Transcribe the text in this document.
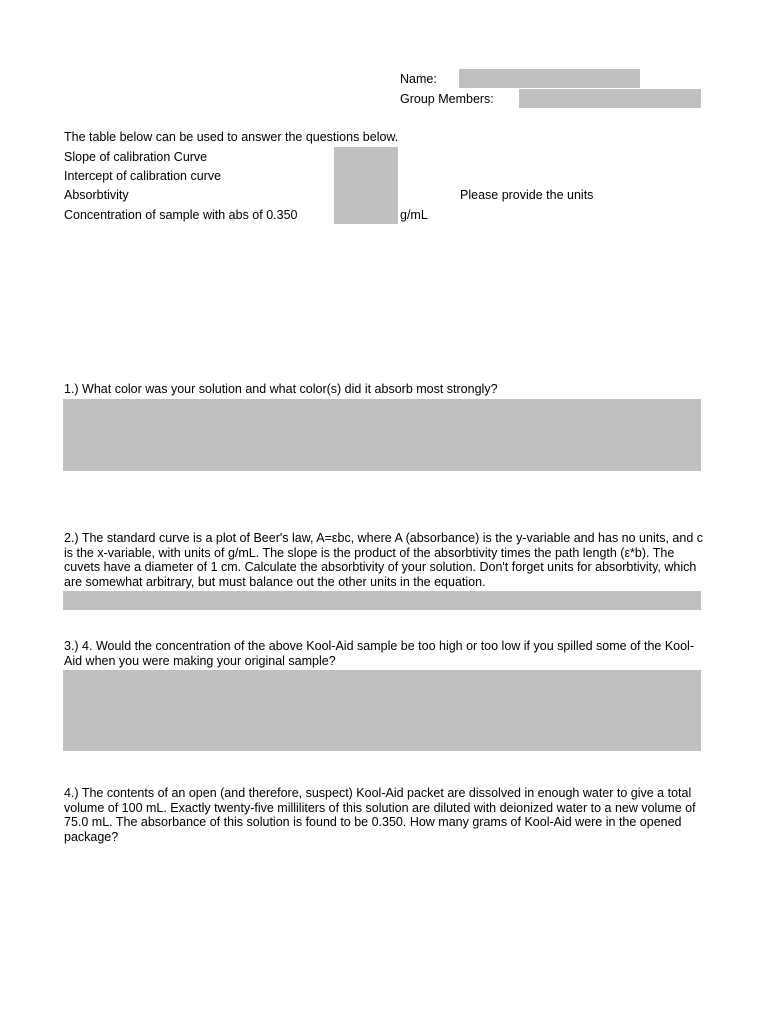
Name:
Group Members:
The table below can be used to answer the questions below.
Slope of calibration Curve
Intercept of calibration curve
Absorbtivity
Concentration of sample with abs of 0.350	g/mL
Please provide the units
1.) What color was your solution and what color(s) did it absorb most strongly?
2.) The standard curve is a plot of Beer's law, A=εbc, where A (absorbance) is the y-variable and has no units, and c is the x-variable, with units of g/mL. The slope is the product of the absorbtivity times the path length (ε*b). The cuvets have a diameter of 1 cm. Calculate the absorbtivity of your solution. Don't forget units for absorbtivity, which are somewhat arbitrary, but must balance out the other units in the equation.
3.) 4. Would the concentration of the above Kool-Aid sample be too high or too low if you spilled some of the Kool-Aid when you were making your original sample?
4.) The contents of an open (and therefore, suspect) Kool-Aid packet are dissolved in enough water to give a total volume of 100 mL. Exactly twenty-five milliliters of this solution are diluted with deionized water to a new volume of 75.0 mL. The absorbance of this solution is found to be 0.350. How many grams of Kool-Aid were in the opened package?
